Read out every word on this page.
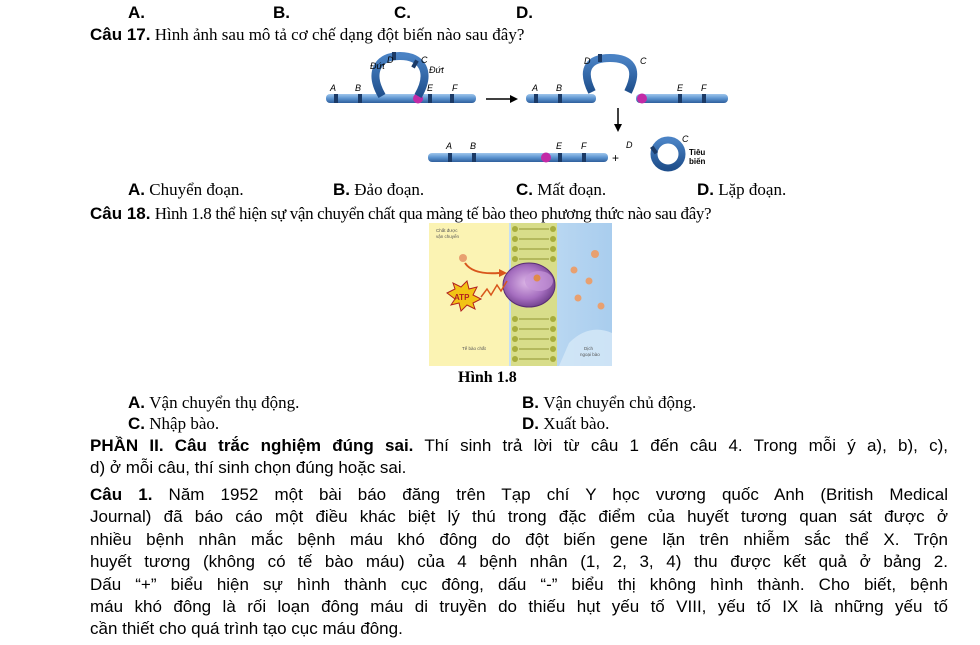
A.	B.	C.	D.
Câu 17. Hình ảnh sau mô tả cơ chế dạng đột biến nào sau đây?
Đứt	Đứt
D	C
A B	E F
D	C
A B	E F
A B	E F
+
D
C
Tiêu
biến
A. Chuyển đoạn.	B. Đảo đoạn.	C. Mất đoạn.	D. Lặp đoạn.
Câu 18. Hình 1.8 thể hiện sự vận chuyển chất qua màng tế bào theo phương thức nào sau đây?
ATP
Chất được
vận chuyển
Tế bào chất	Dịch
ngoại bào
Hình 1.8
A. Vận chuyển thụ động.	B. Vận chuyển chủ động.
C. Nhập bào.	D. Xuất bào.
PHẦN II. Câu trắc nghiệm đúng sai. Thí sinh trả lời từ câu 1 đến câu 4. Trong mỗi ý a), b), c),
d) ở mỗi câu, thí sinh chọn đúng hoặc sai.
Câu 1. Năm 1952 một bài báo đăng trên Tạp chí Y học vương quốc Anh (British Medical
Journal) đã báo cáo một điều khác biệt lý thú trong đặc điểm của huyết tương quan sát được ở
nhiều bệnh nhân mắc bệnh máu khó đông do đột biến gene lặn trên nhiễm sắc thể X. Trộn
huyết tương (không có tế bào máu) của 4 bệnh nhân (1, 2, 3, 4) thu được kết quả ở bảng 2.
Dấu “+” biểu hiện sự hình thành cục đông, dấu “-” biểu thị không hình thành. Cho biết, bệnh
máu khó đông là rối loạn đông máu di truyền do thiếu hụt yếu tố VIII, yếu tố IX là những yếu tố
cần thiết cho quá trình tạo cục máu đông.
